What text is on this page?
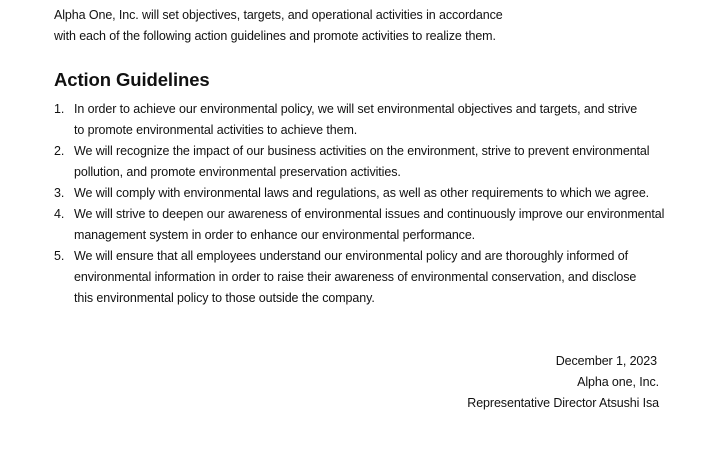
Alpha One, Inc. will set objectives, targets, and operational activities in accordance
with each of the following action guidelines and promote activities to realize them.
Action Guidelines
1. In order to achieve our environmental policy, we will set environmental objectives and targets, and strive
to promote environmental activities to achieve them.
2. We will recognize the impact of our business activities on the environment, strive to prevent environmental
pollution, and promote environmental preservation activities.
3. We will comply with environmental laws and regulations, as well as other requirements to which we agree.
4. We will strive to deepen our awareness of environmental issues and continuously improve our environmental
management system in order to enhance our environmental performance.
5. We will ensure that all employees understand our environmental policy and are thoroughly informed of
environmental information in order to raise their awareness of environmental conservation, and disclose
this environmental policy to those outside the company.
December 1, 2023
Alpha one, Inc.
Representative Director Atsushi Isa
